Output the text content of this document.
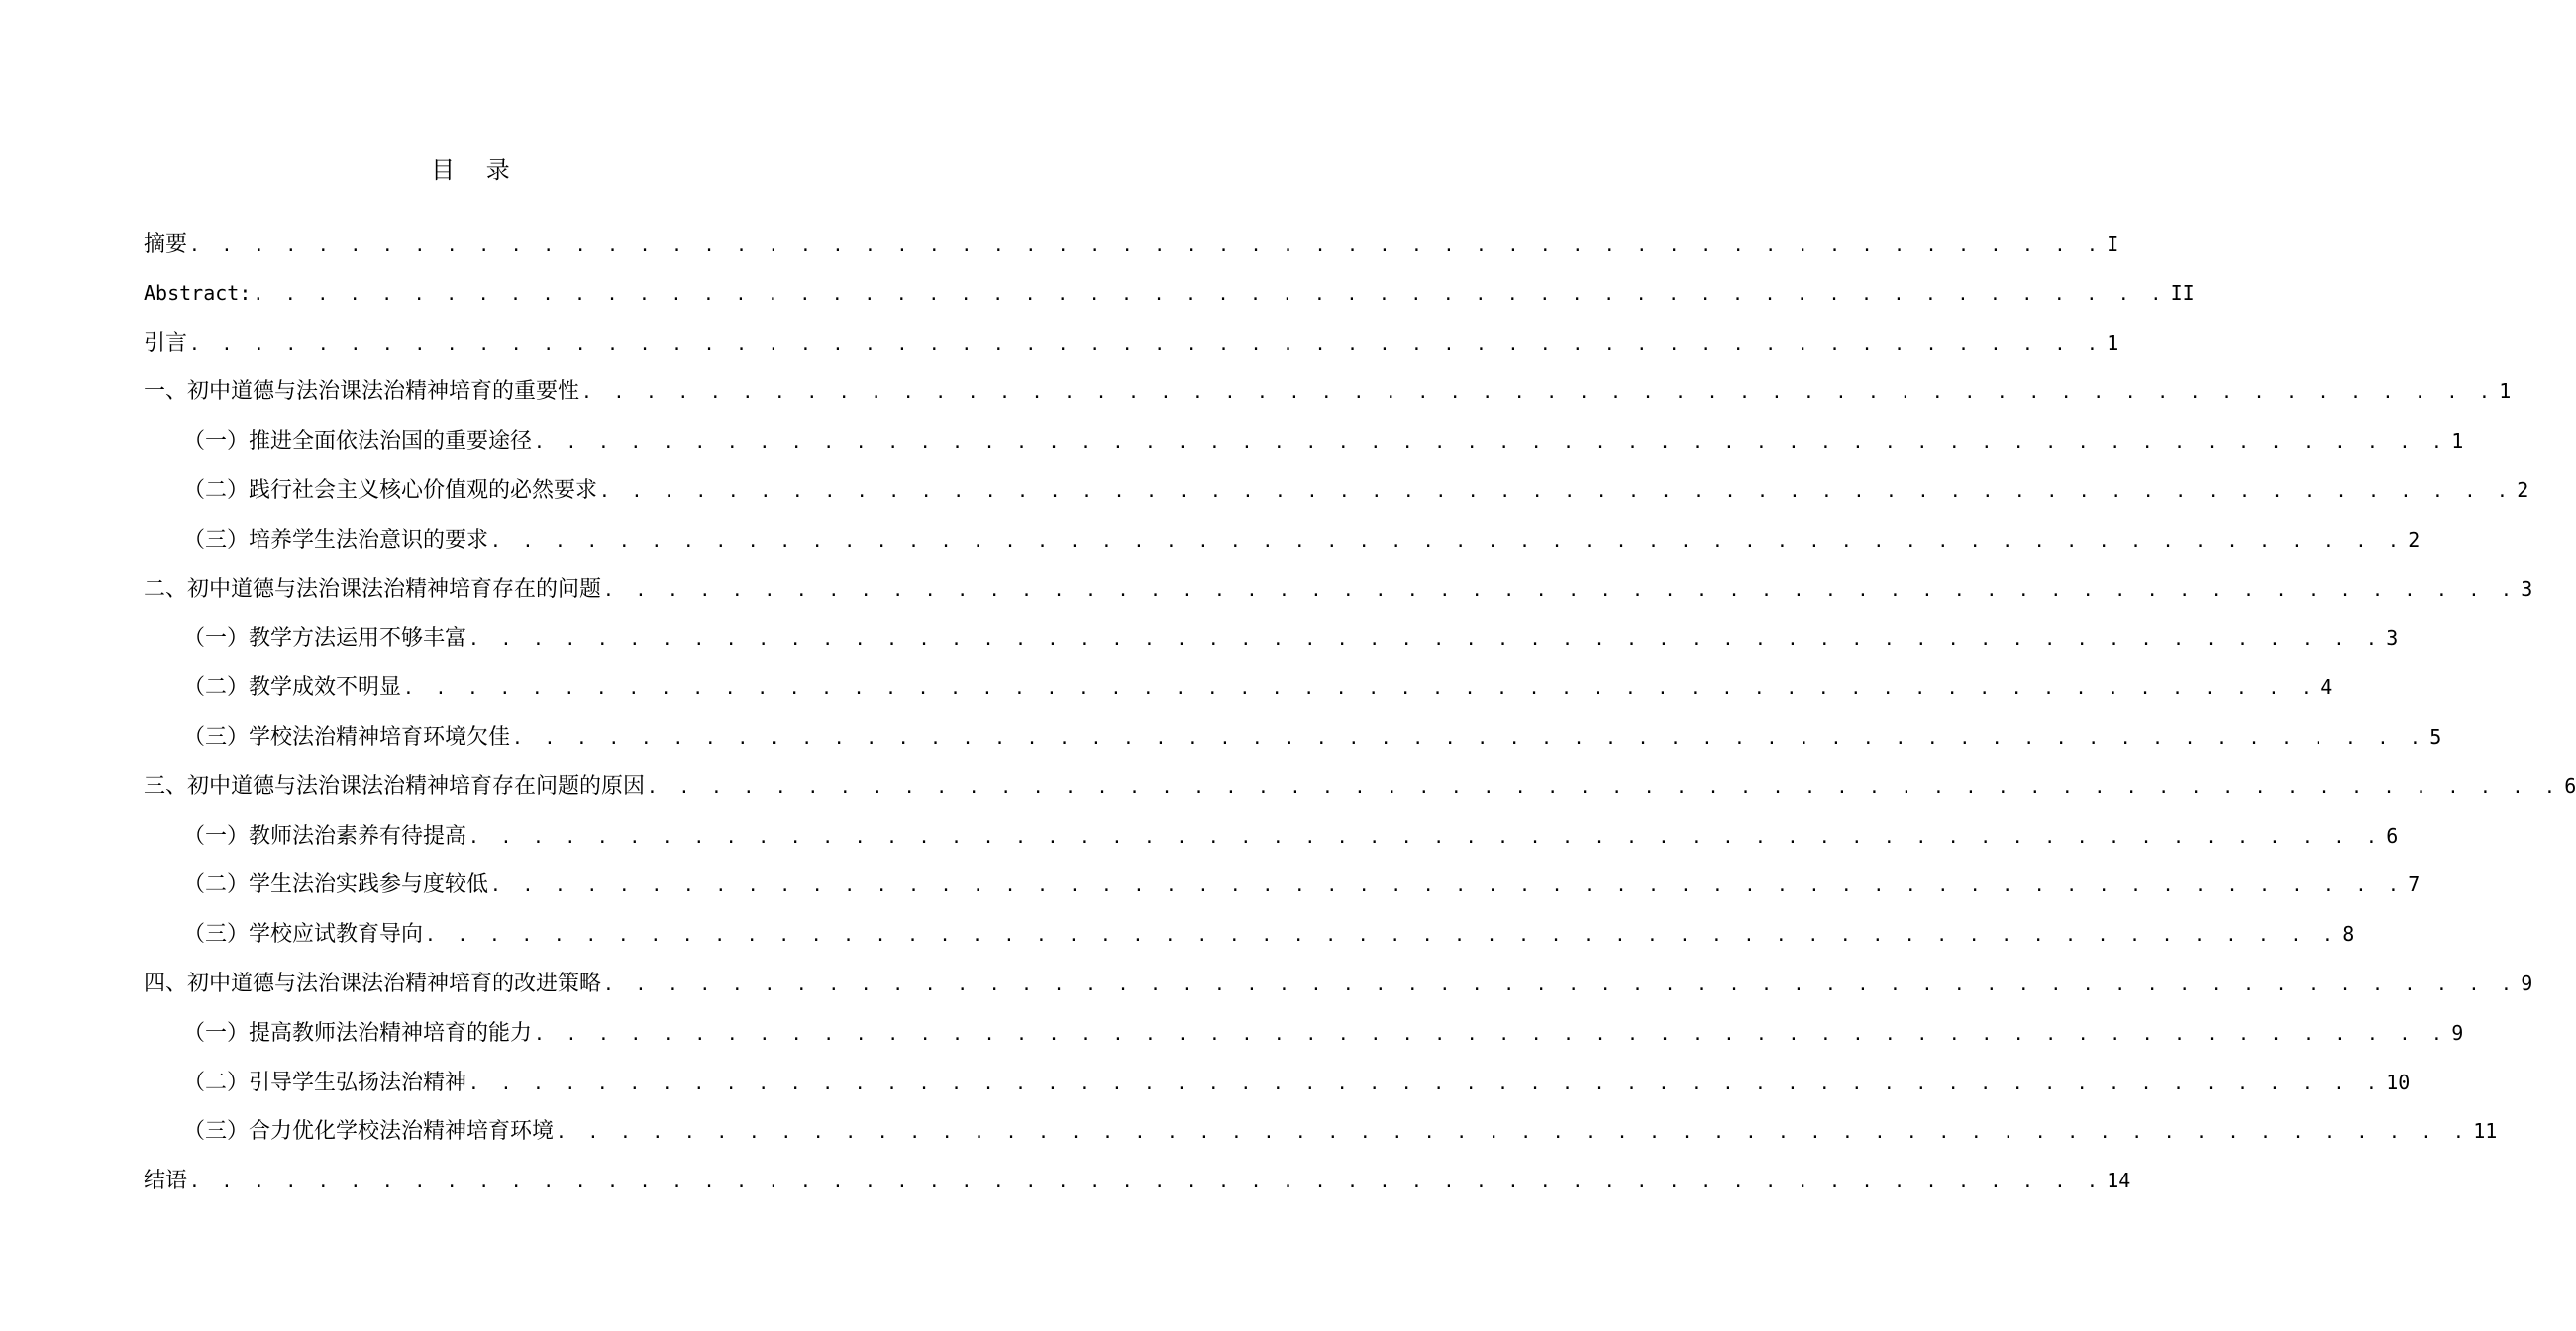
目 录
摘要 . . . . . . . . . . . . . . . . . . . . . . . . . . . . . . . . . . . . . . . . . . . . . . . . . . . . . . . . . . . . I
Abstract: . . . . . . . . . . . . . . . . . . . . . . . . . . . . . . . . . . . . . . . . . . . . . . . . . . . . . . . . . . . . II
引言 . . . . . . . . . . . . . . . . . . . . . . . . . . . . . . . . . . . . . . . . . . . . . . . . . . . . . . . . . . . . 1
一、初中道德与法治课法治精神培育的重要性 . . . . . . . . . . . . . . . . . . . . . . . . . . . . . . . . . . . . . . . . . . . . . . . . . . . . . . . . . . . . 1
（一）推进全面依法治国的重要途径 . . . . . . . . . . . . . . . . . . . . . . . . . . . . . . . . . . . . . . . . . . . . . . . . . . . . . . . . . . . . 1
（二）践行社会主义核心价值观的必然要求 . . . . . . . . . . . . . . . . . . . . . . . . . . . . . . . . . . . . . . . . . . . . . . . . . . . . . . . . . . . . 2
（三）培养学生法治意识的要求 . . . . . . . . . . . . . . . . . . . . . . . . . . . . . . . . . . . . . . . . . . . . . . . . . . . . . . . . . . . . 2
二、初中道德与法治课法治精神培育存在的问题 . . . . . . . . . . . . . . . . . . . . . . . . . . . . . . . . . . . . . . . . . . . . . . . . . . . . . . . . . . . . 3
（一）教学方法运用不够丰富 . . . . . . . . . . . . . . . . . . . . . . . . . . . . . . . . . . . . . . . . . . . . . . . . . . . . . . . . . . . . 3
（二）教学成效不明显 . . . . . . . . . . . . . . . . . . . . . . . . . . . . . . . . . . . . . . . . . . . . . . . . . . . . . . . . . . . . 4
（三）学校法治精神培育环境欠佳 . . . . . . . . . . . . . . . . . . . . . . . . . . . . . . . . . . . . . . . . . . . . . . . . . . . . . . . . . . . . 5
三、初中道德与法治课法治精神培育存在问题的原因 . . . . . . . . . . . . . . . . . . . . . . . . . . . . . . . . . . . . . . . . . . . . . . . . . . . . . . . . . . . . 6
（一）教师法治素养有待提高 . . . . . . . . . . . . . . . . . . . . . . . . . . . . . . . . . . . . . . . . . . . . . . . . . . . . . . . . . . . . 6
（二）学生法治实践参与度较低 . . . . . . . . . . . . . . . . . . . . . . . . . . . . . . . . . . . . . . . . . . . . . . . . . . . . . . . . . . . . 7
（三）学校应试教育导向 . . . . . . . . . . . . . . . . . . . . . . . . . . . . . . . . . . . . . . . . . . . . . . . . . . . . . . . . . . . . 8
四、初中道德与法治课法治精神培育的改进策略 . . . . . . . . . . . . . . . . . . . . . . . . . . . . . . . . . . . . . . . . . . . . . . . . . . . . . . . . . . . . 9
（一）提高教师法治精神培育的能力 . . . . . . . . . . . . . . . . . . . . . . . . . . . . . . . . . . . . . . . . . . . . . . . . . . . . . . . . . . . . 9
（二）引导学生弘扬法治精神 . . . . . . . . . . . . . . . . . . . . . . . . . . . . . . . . . . . . . . . . . . . . . . . . . . . . . . . . . . . . 10
（三）合力优化学校法治精神培育环境 . . . . . . . . . . . . . . . . . . . . . . . . . . . . . . . . . . . . . . . . . . . . . . . . . . . . . . . . . . . . 11
结语 . . . . . . . . . . . . . . . . . . . . . . . . . . . . . . . . . . . . . . . . . . . . . . . . . . . . . . . . . . . . 14
